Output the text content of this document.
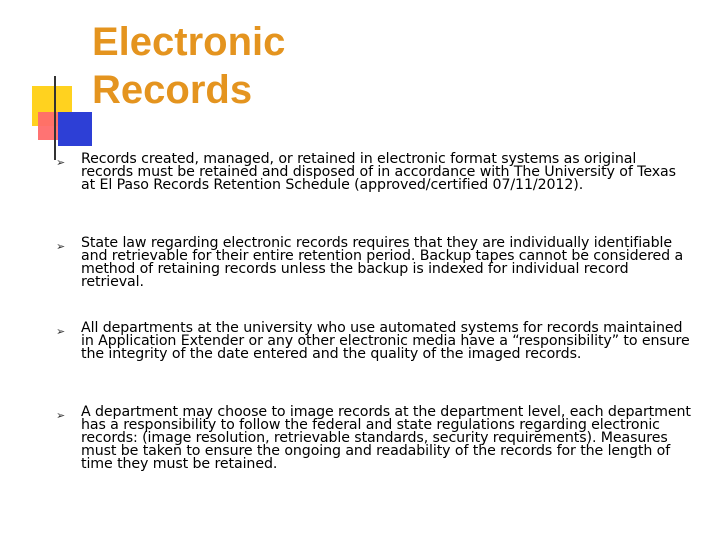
Electronic
Records
➢ Records created, managed, or retained in electronic format systems as original records must be retained and disposed of in accordance with The University of Texas at El Paso Records Retention Schedule (approved/certified 07/11/2012).
➢ State law regarding electronic records requires that they are individually identifiable and retrievable for their entire retention period. Backup tapes cannot be considered a method of retaining records unless the backup is indexed for individual record retrieval.
➢ All departments at the university who use automated systems for records maintained in Application Extender or any other electronic media have a “responsibility” to ensure the integrity of the date entered and the quality of the imaged records.
➢ A department may choose to image records at the department level, each department has a responsibility to follow the federal and state regulations regarding electronic records: (image resolution, retrievable standards, security requirements). Measures must be taken to ensure the ongoing and readability of the records for the length of time they must be retained.
